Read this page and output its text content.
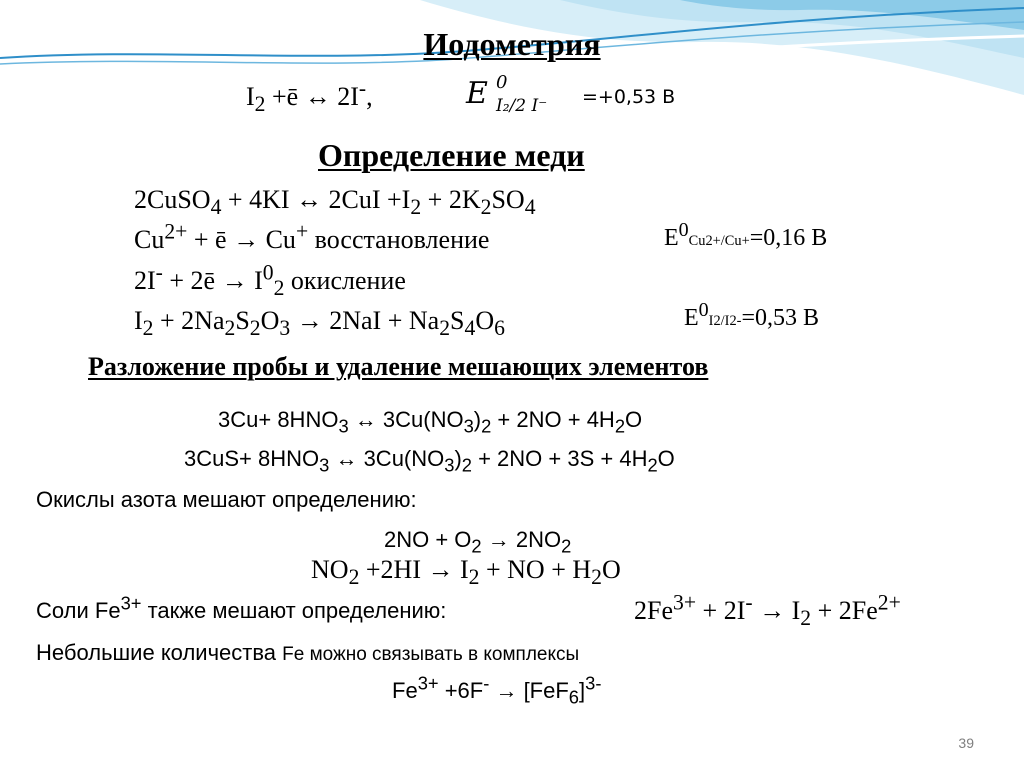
Иодометрия
$I_2$ +ē ↔ 2I-,	E 0
I₂/2 I⁻ =+0,53 B
Определение меди
2CuSO$_4$ + 4KI ↔ $2CuI +I_2 + 2K_2SO_4$
$Cu^{2+}$ + ē → Cu+ восстановление	$E^0Cu2+/Cu+=0,16$ В
2I- + 2ē → $I^0_2$ окисление
$I_2 + 2Na_2S_2O_3 \to 2NaI + Na_2S_4O_6$	$E^0I2/I2-=0,53$ В
Разложение пробы и удаление мешающих элементов
$3Cu+ 8HNO_3$ ↔ $3Cu(NO_3)_2 + 2NO + 4H_2O$
$3CuS+ 8HNO_3$ ↔ $3Cu(NO_3)_2 + 2NO + 3S + 4H_2O$
Окислы азота мешают определению:
$2NO + O_2 \to 2NO_2$
$NO_2 +2HI \to I_2$ + NO + $H_2O$
Соли $Fe^{3+}$ также мешают определению:	$2Fe^{3+} + 2I^- \to I_2 + 2Fe^{2+}$
Небольшие количества Fe можно связывать в комплексы
$Fe^{3+} +6F^- \to [FeF_6]^{3-}$
39
